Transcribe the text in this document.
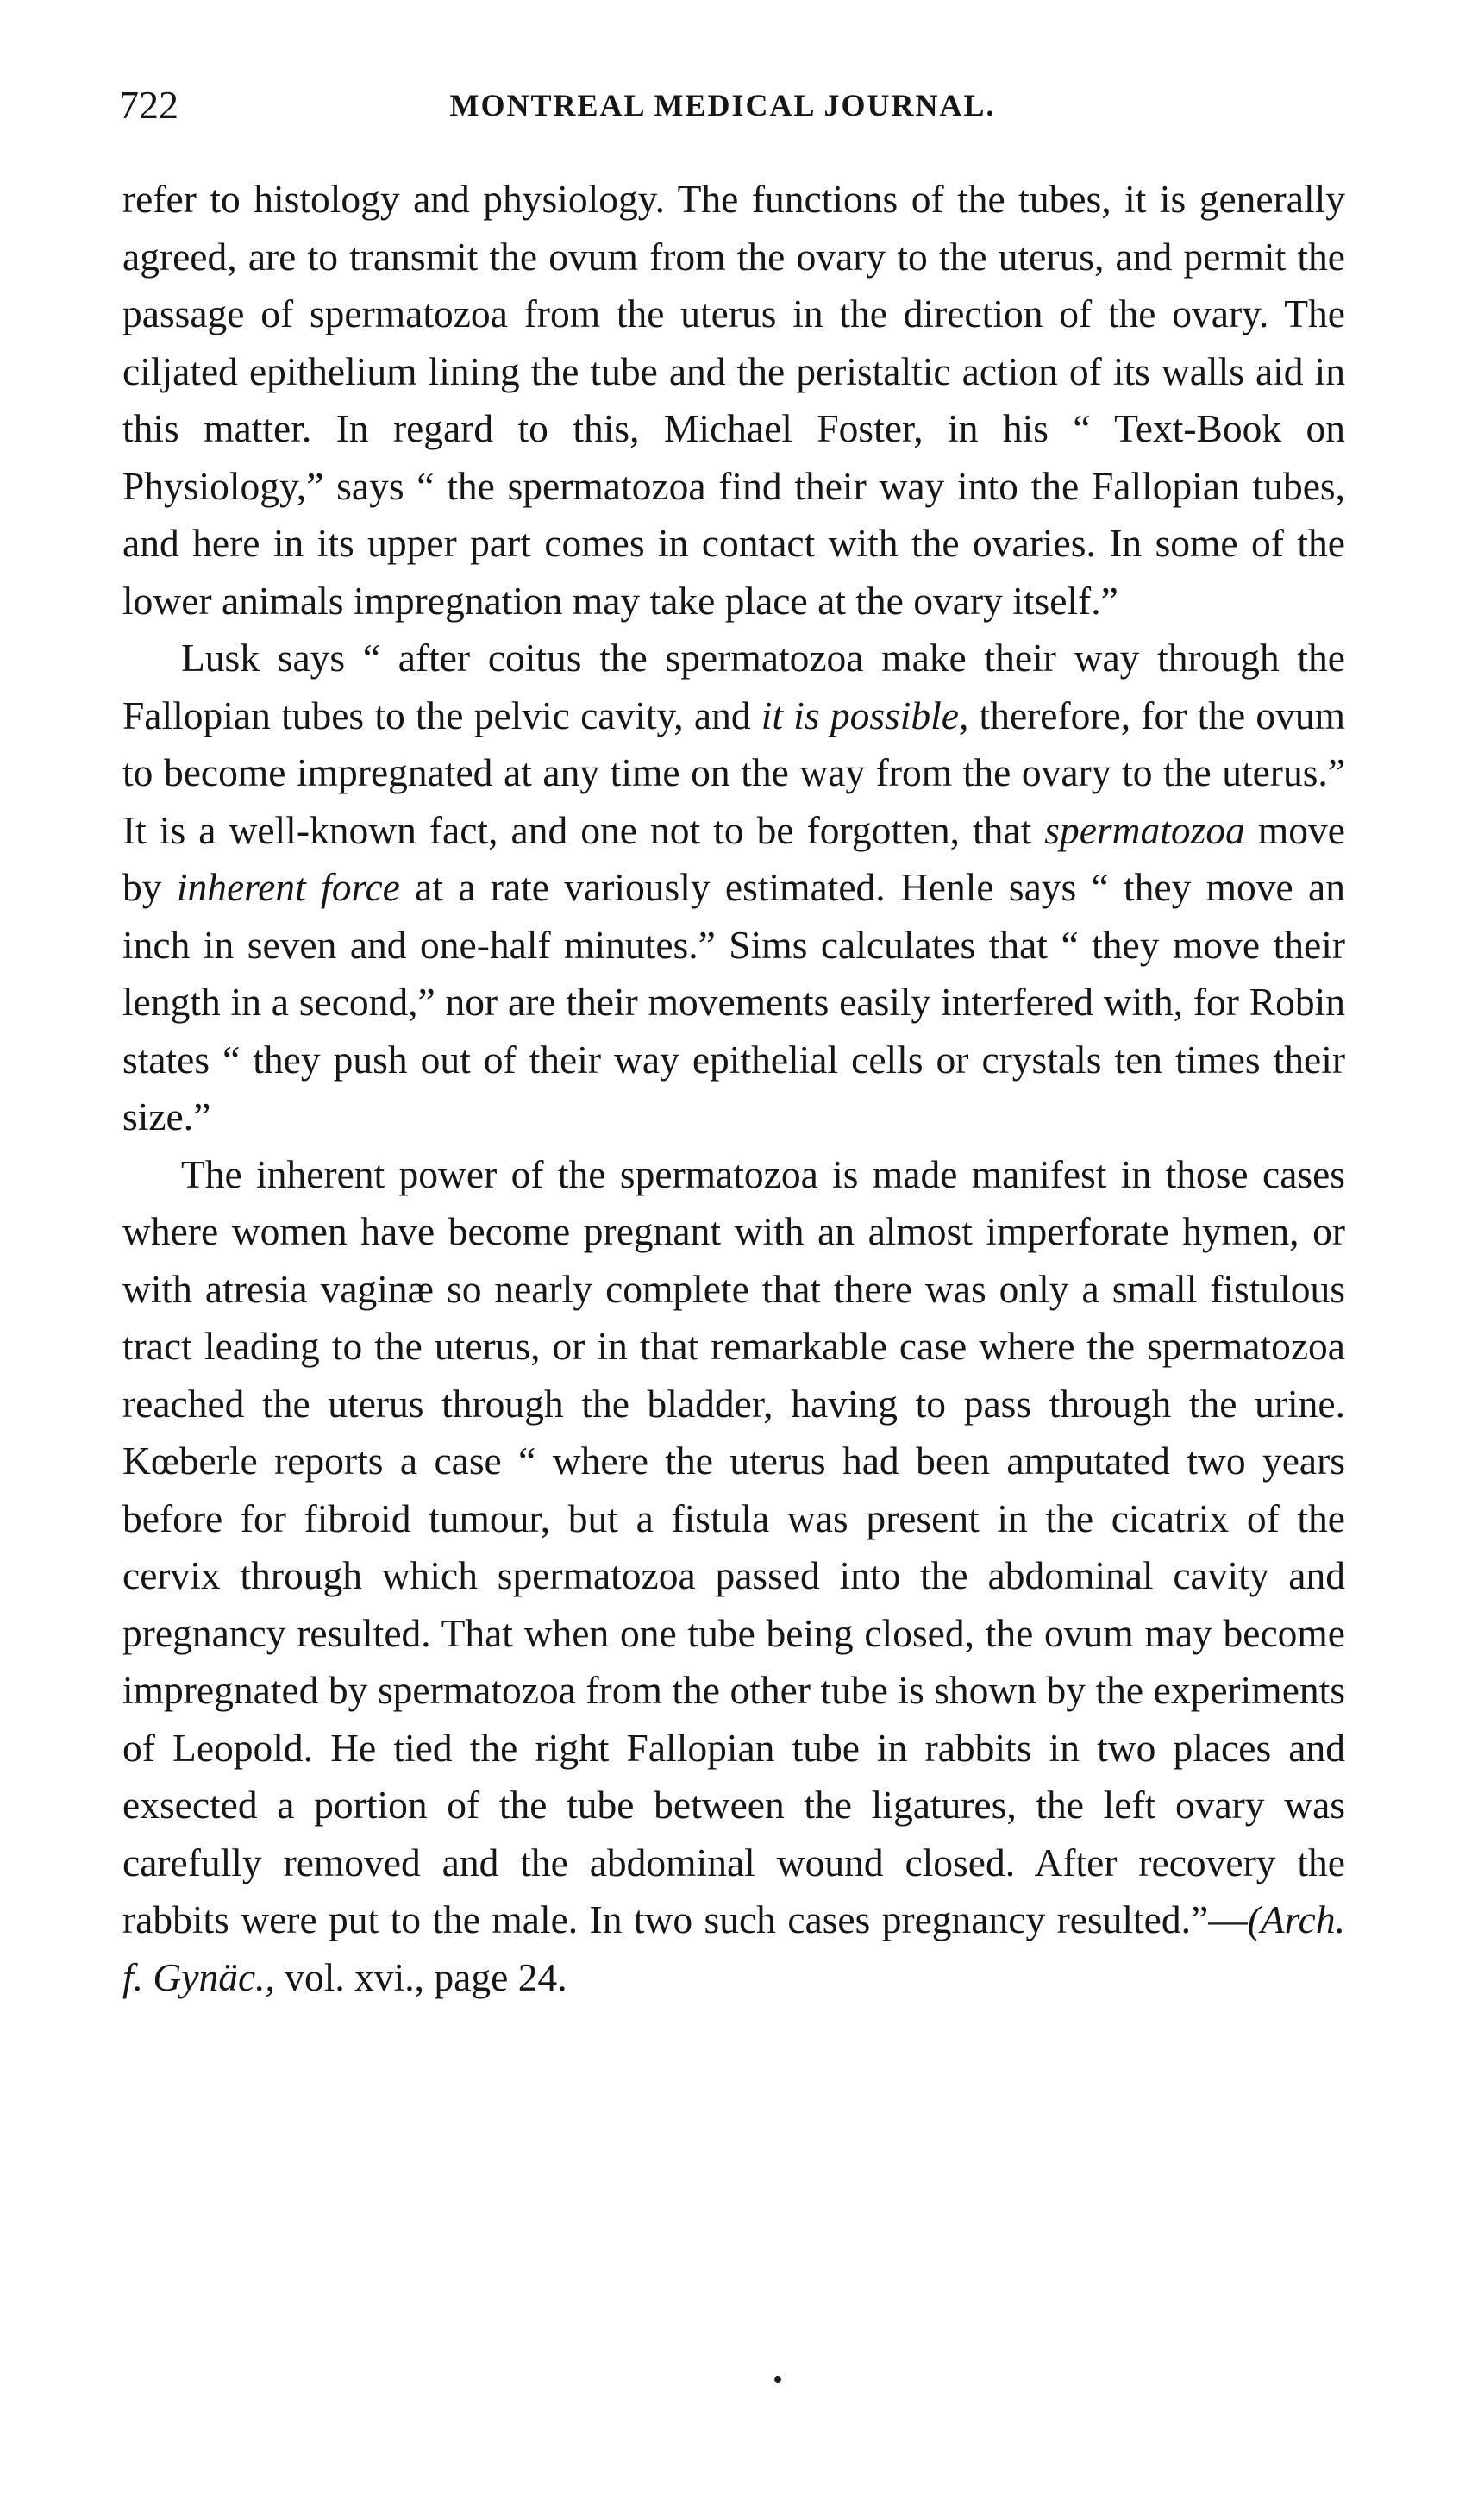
722	MONTREAL MEDICAL JOURNAL.

refer to histology and physiology. The functions of the tubes, it is generally agreed, are to transmit the ovum from the ovary to the uterus, and permit the passage of spermatozoa from the uterus in the direction of the ovary. The ciljated epithelium lining the tube and the peristaltic action of its walls aid in this matter. In regard to this, Michael Foster, in his “ Text-Book on Physiology,” says “ the spermatozoa find their way into the Fallopian tubes, and here in its upper part comes in contact with the ovaries. In some of the lower animals impregnation may take place at the ovary itself.”

Lusk says “ after coitus the spermatozoa make their way through the Fallopian tubes to the pelvic cavity, and it is possible, therefore, for the ovum to become impregnated at any time on the way from the ovary to the uterus.” It is a well-known fact, and one not to be forgotten, that spermatozoa move by inherent force at a rate variously estimated. Henle says “ they move an inch in seven and one-half minutes.” Sims calculates that “ they move their length in a second,” nor are their movements easily interfered with, for Robin states “ they push out of their way epithelial cells or crystals ten times their size.”

The inherent power of the spermatozoa is made manifest in those cases where women have become pregnant with an almost imperforate hymen, or with atresia vaginæ so nearly complete that there was only a small fistulous tract leading to the uterus, or in that remarkable case where the spermatozoa reached the uterus through the bladder, having to pass through the urine. Kœberle reports a case “ where the uterus had been amputated two years before for fibroid tumour, but a fistula was present in the cicatrix of the cervix through which spermatozoa passed into the abdominal cavity and pregnancy resulted. That when one tube being closed, the ovum may become impregnated by spermatozoa from the other tube is shown by the experiments of Leopold. He tied the right Fallopian tube in rabbits in two places and exsected a portion of the tube between the ligatures, the left ovary was carefully removed and the abdominal wound closed. After recovery the rabbits were put to the male. In two such cases pregnancy resulted.”—(Arch. f. Gynäc., vol. xvi., page 24.
